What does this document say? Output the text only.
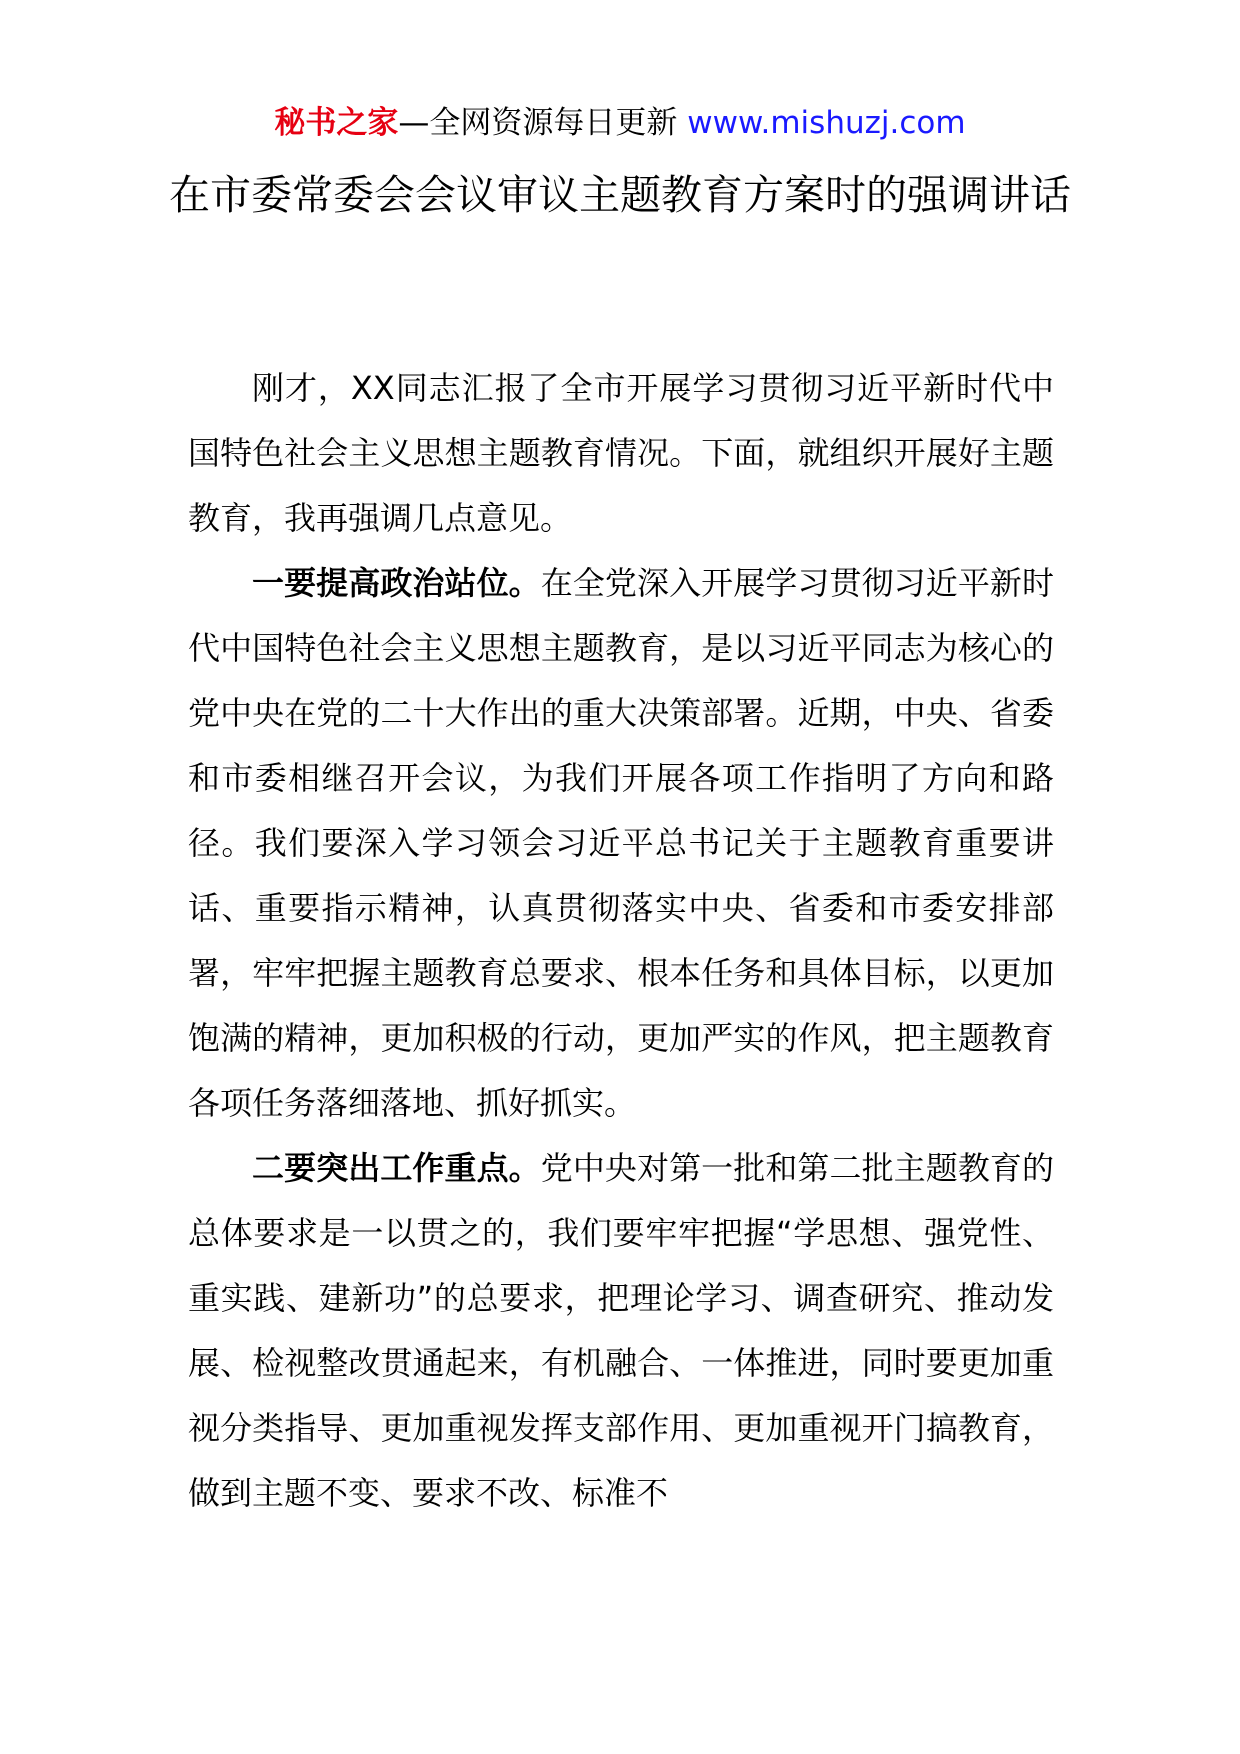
秘书之家—全网资源每日更新 www.mishuzj.com
在市委常委会会议审议主题教育方案时的强调讲话

刚才，XX同志汇报了全市开展学习贯彻习近平新时代中国特色社会主义思想主题教育情况。下面，就组织开展好主题教育，我再强调几点意见。

一要提高政治站位。在全党深入开展学习贯彻习近平新时代中国特色社会主义思想主题教育，是以习近平同志为核心的党中央在党的二十大作出的重大决策部署。近期，中央、省委和市委相继召开会议，为我们开展各项工作指明了方向和路径。我们要深入学习领会习近平总书记关于主题教育重要讲话、重要指示精神，认真贯彻落实中央、省委和市委安排部署，牢牢把握主题教育总要求、根本任务和具体目标，以更加饱满的精神，更加积极的行动，更加严实的作风，把主题教育各项任务落细落地、抓好抓实。

二要突出工作重点。党中央对第一批和第二批主题教育的总体要求是一以贯之的，我们要牢牢把握“学思想、强党性、重实践、建新功”的总要求，把理论学习、调查研究、推动发展、检视整改贯通起来，有机融合、一体推进，同时要更加重视分类指导、更加重视发挥支部作用、更加重视开门搞教育，做到主题不变、要求不改、标准不
